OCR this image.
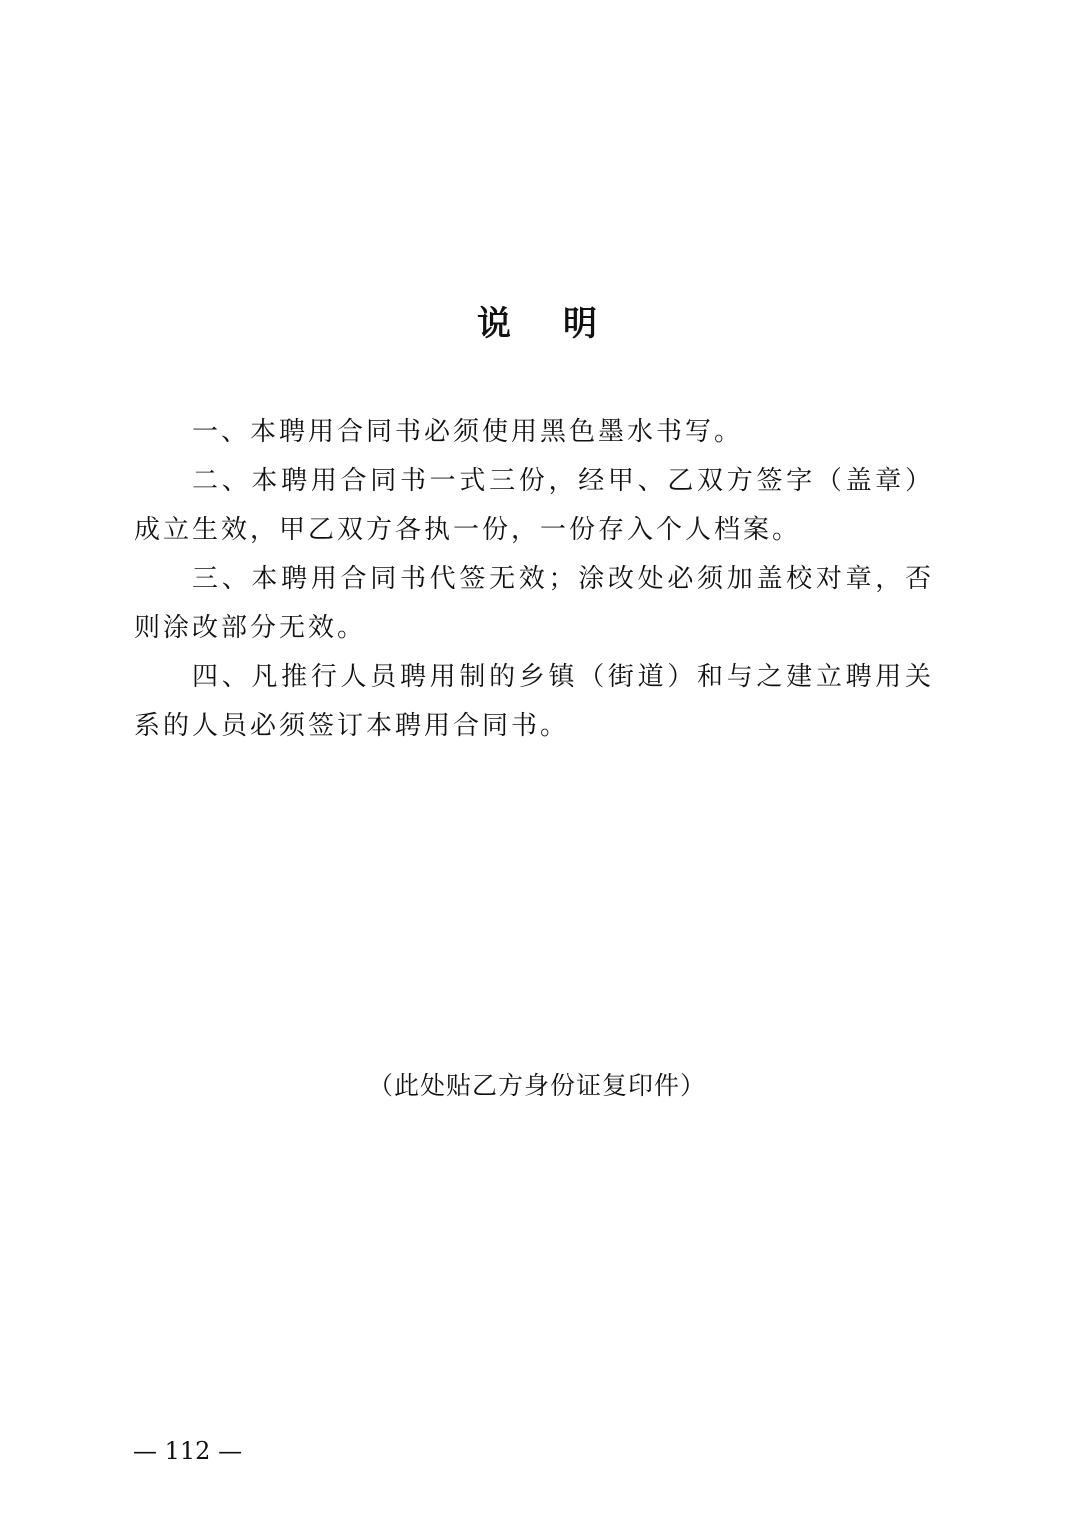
说 明

一、本聘用合同书必须使用黑色墨水书写。

二、本聘用合同书一式三份，经甲、乙双方签字（盖章）成立生效，甲乙双方各执一份，一份存入个人档案。

三、本聘用合同书代签无效；涂改处必须加盖校对章，否则涂改部分无效。

四、凡推行人员聘用制的乡镇（街道）和与之建立聘用关系的人员必须签订本聘用合同书。

（此处贴乙方身份证复印件）
— 112 —
